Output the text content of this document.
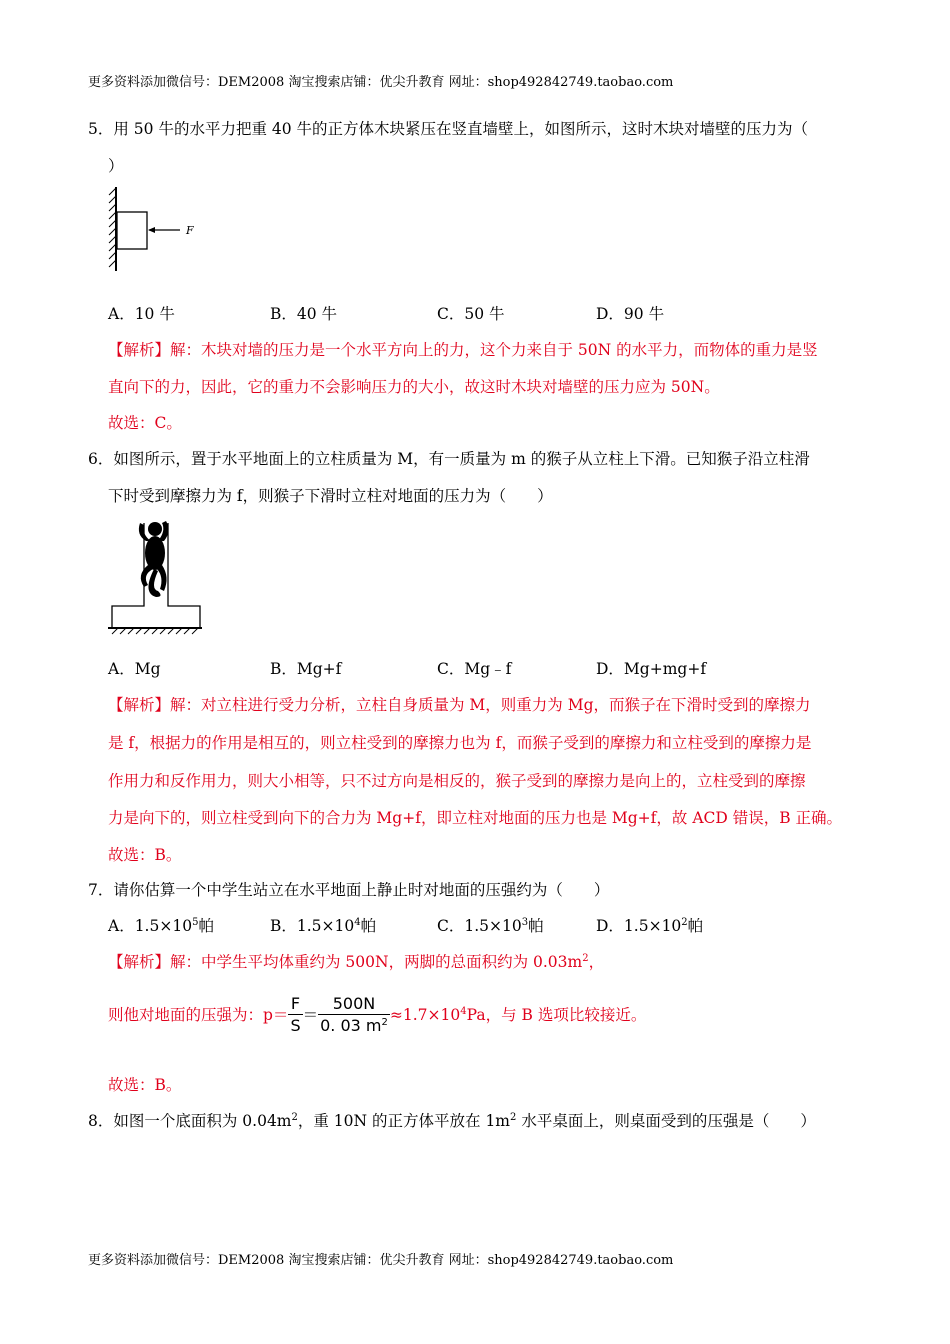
更多资料添加微信号：DEM2008 淘宝搜索店铺：优尖升教育 网址：shop492842749.taobao.com
5．用 50 牛的水平力把重 40 牛的正方体木块紧压在竖直墙壁上，如图所示，这时木块对墙壁的压力为（
）
F
A．10 牛	B．40 牛	C．50 牛	D．90 牛
【解析】解：木块对墙的压力是一个水平方向上的力，这个力来自于 50N 的水平力，而物体的重力是竖
直向下的力，因此，它的重力不会影响压力的大小，故这时木块对墙壁的压力应为 50N。
故选：C。
6．如图所示，置于水平地面上的立柱质量为 M，有一质量为 m 的猴子从立柱上下滑。已知猴子沿立柱滑
下时受到摩擦力为 f，则猴子下滑时立柱对地面的压力为（　　）
A．Mg	B．Mg+f	C．Mg﹣f	D．Mg+mg+f
【解析】解：对立柱进行受力分析，立柱自身质量为 M，则重力为 Mg，而猴子在下滑时受到的摩擦力
是 f，根据力的作用是相互的，则立柱受到的摩擦力也为 f，而猴子受到的摩擦力和立柱受到的摩擦力是
作用力和反作用力，则大小相等，只不过方向是相反的，猴子受到的摩擦力是向上的，立柱受到的摩擦
力是向下的，则立柱受到向下的合力为 Mg+f，即立柱对地面的压力也是 Mg+f，故 ACD 错误，B 正确。
故选：B。
7．请你估算一个中学生站立在水平地面上静止时对地面的压强约为（　　）
A．$1.5\times 10^5$帕	B．$1.5\times 10^4$帕	C．$1.5\times 10^3$帕	D．$1.5\times 10^2$帕
【解析】解：中学生平均体重约为 500N，两脚的总面积约为 $0.03m^2$，
则他对地面的压强为：$p= \frac{F}{S} = \frac{500N}{0. 03 m^2} \approx 1.7\times 10^4Pa$，与 B 选项比较接近。
故选：B。
8．如图一个底面积为 $0.04m^2$，重 10N 的正方体平放在 $1m^2$ 水平桌面上，则桌面受到的压强是（　　）
更多资料添加微信号：DEM2008 淘宝搜索店铺：优尖升教育 网址：shop492842749.taobao.com
